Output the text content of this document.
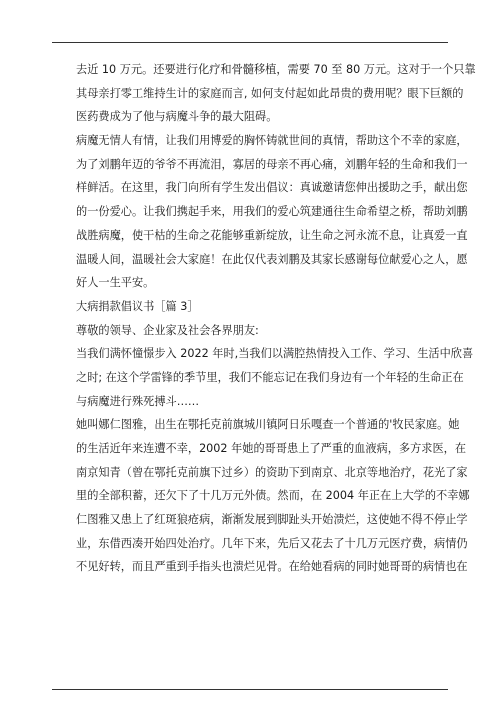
去近 10 万元。还要进行化疗和骨髓移植，需要 70 至 80 万元。这对于一个只靠
其母亲打零工维持生计的家庭而言, 如何支付起如此昂贵的费用呢？眼下巨额的
医药费成为了他与病魔斗争的最大阻碍。
病魔无情人有情，让我们用博爱的胸怀铸就世间的真情，帮助这个不幸的家庭，
为了刘鹏年迈的爷爷不再流泪，寡居的母亲不再心痛，刘鹏年轻的生命和我们一
样鲜活。在这里，我门向所有学生发出倡议：真诚邀请您伸出援助之手，献出您
的一份爱心。让我们携起手来，用我们的爱心筑建通往生命希望之桥，帮助刘鹏
战胜病魔，使干枯的生命之花能够重新绽放，让生命之河永流不息，让真爱一直
温暖人间，温暖社会大家庭！在此仅代表刘鹏及其家长感谢每位献爱心之人，愿
好人一生平安。
大病捐款倡议书［篇 3］
尊敬的领导、企业家及社会各界朋友:
当我们满怀憧憬步入 2022 年时,当我们以满腔热情投入工作、学习、生活中欣喜
之时; 在这个学雷锋的季节里，我们不能忘记在我们身边有一个年轻的生命正在
与病魔进行殊死搏斗……
她叫娜仁图雅，出生在鄂托克前旗城川镇阿日乐嘎查一个普通的'牧民家庭。她
的生活近年来连遭不幸，2002 年她的哥哥患上了严重的血液病，多方求医，在
南京知青（曾在鄂托克前旗下过乡）的资助下到南京、北京等地治疗，花光了家
里的全部积蓄，还欠下了十几万元外债。然而，在 2004 年正在上大学的不幸娜
仁图雅又患上了红斑狼疮病，渐渐发展到脚趾头开始溃烂，这使她不得不停止学
业，东借西凑开始四处治疗。几年下来，先后又花去了十几万元医疗费，病情仍
不见好转，而且严重到手指头也溃烂见骨。在给她看病的同时她哥哥的病情也在
